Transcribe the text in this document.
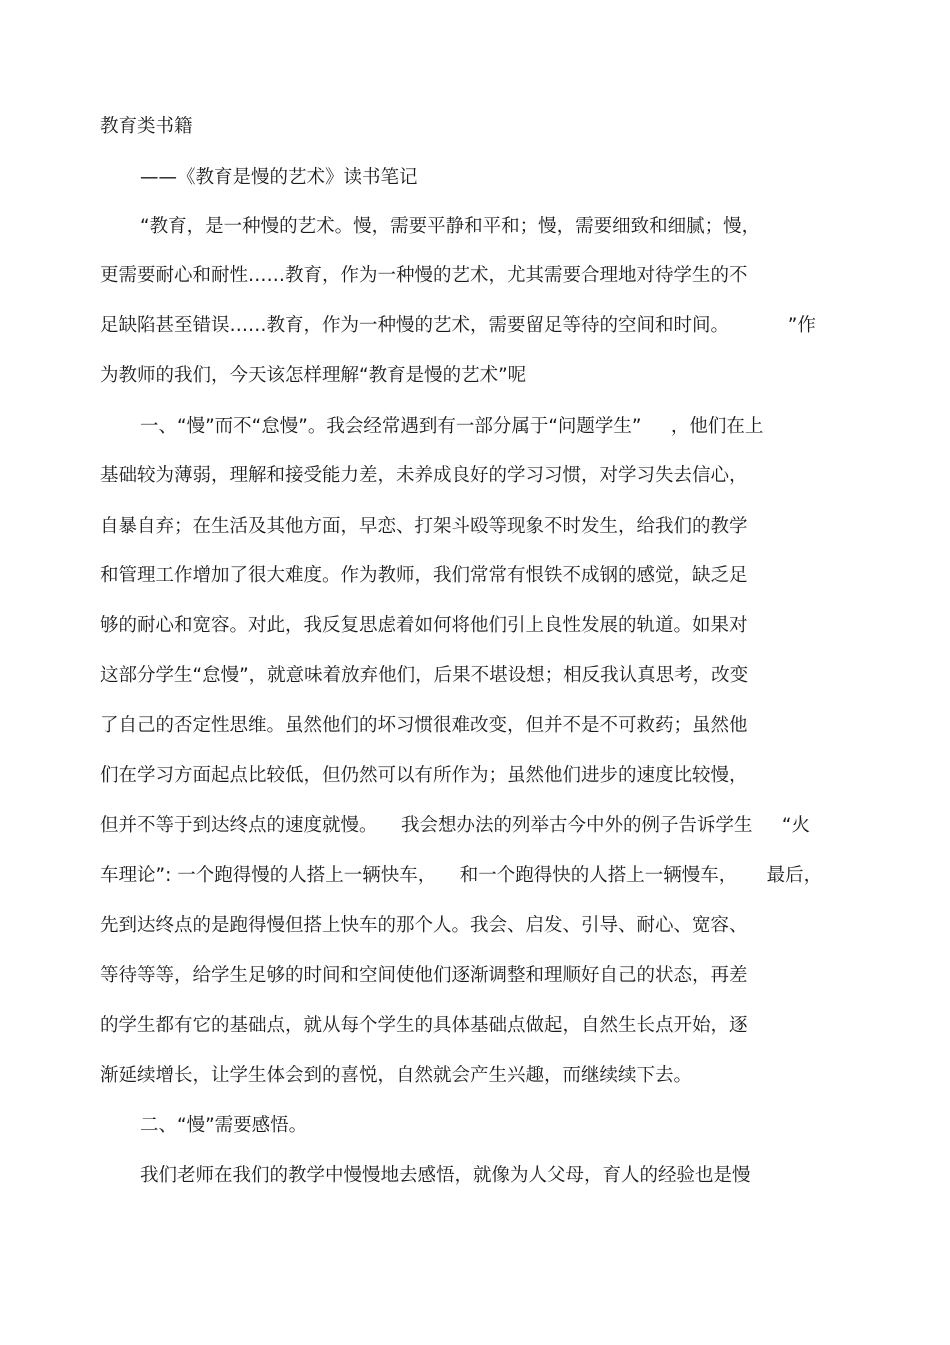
教育类书籍
——《教育是慢的艺术》读书笔记
“教育，是一种慢的艺术。慢，需要平静和平和；慢，需要细致和细腻；慢，
更需要耐心和耐性……教育，作为一种慢的艺术，尤其需要合理地对待学生的不
足缺陷甚至错误……教育，作为一种慢的艺术，需要留足等待的空间和时间。          ”作
为教师的我们，今天该怎样理解“教育是慢的艺术”呢
一、“慢”而不“怠慢”。我会经常遇到有一部分属于“问题学生”     ，他们在上
基础较为薄弱，理解和接受能力差，未养成良好的学习习惯，对学习失去信心，
自暴自弃；在生活及其他方面，早恋、打架斗殴等现象不时发生，给我们的教学
和管理工作增加了很大难度。作为教师，我们常常有恨铁不成钢的感觉，缺乏足
够的耐心和宽容。对此，我反复思虑着如何将他们引上良性发展的轨道。如果对
这部分学生“怠慢”，就意味着放弃他们，后果不堪设想；相反我认真思考，改变
了自己的否定性思维。虽然他们的坏习惯很难改变，但并不是不可救药；虽然他
们在学习方面起点比较低，但仍然可以有所作为；虽然他们进步的速度比较慢，
但并不等于到达终点的速度就慢。    我会想办法的列举古今中外的例子告诉学生     “火
车理论”: 一个跑得慢的人搭上一辆快车，    和一个跑得快的人搭上一辆慢车，     最后，
先到达终点的是跑得慢但搭上快车的那个人。我会、启发、引导、耐心、宽容、
等待等等，给学生足够的时间和空间使他们逐渐调整和理顺好自己的状态，再差
的学生都有它的基础点，就从每个学生的具体基础点做起，自然生长点开始，逐
渐延续增长，让学生体会到的喜悦，自然就会产生兴趣，而继续续下去。
二、“慢”需要感悟。
我们老师在我们的教学中慢慢地去感悟，就像为人父母，育人的经验也是慢
